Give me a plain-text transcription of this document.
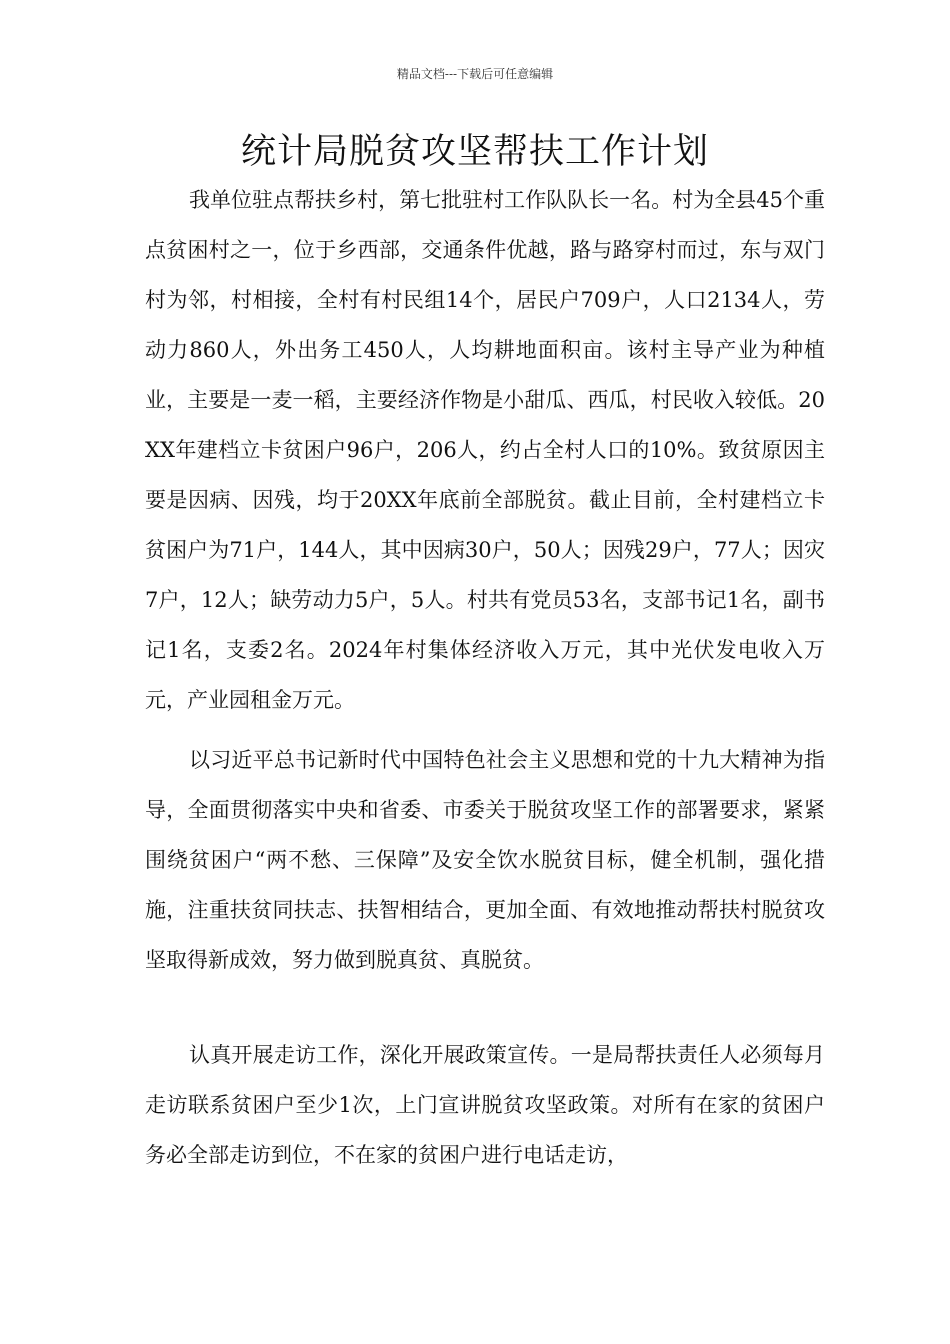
精品文档---下载后可任意编辑
统计局脱贫攻坚帮扶工作计划

我单位驻点帮扶乡村，第七批驻村工作队队长一名。村为全县45个重点贫困村之一，位于乡西部，交通条件优越，路与路穿村而过，东与双门村为邻，村相接，全村有村民组14个，居民户709户，人口2134人，劳动力860人，外出务工450人，人均耕地面积亩。该村主导产业为种植业，主要是一麦一稻，主要经济作物是小甜瓜、西瓜，村民收入较低。20XX年建档立卡贫困户96户，206人，约占全村人口的10%。致贫原因主要是因病、因残，均于20XX年底前全部脱贫。截止目前，全村建档立卡贫困户为71户，144人，其中因病30户，50人；因残29户，77人；因灾7户，12人；缺劳动力5户，5人。村共有党员53名，支部书记1名，副书记1名，支委2名。2024年村集体经济收入万元，其中光伏发电收入万元，产业园租金万元。

以习近平总书记新时代中国特色社会主义思想和党的十九大精神为指导，全面贯彻落实中央和省委、市委关于脱贫攻坚工作的部署要求，紧紧围绕贫困户“两不愁、三保障”及安全饮水脱贫目标，健全机制，强化措施，注重扶贫同扶志、扶智相结合，更加全面、有效地推动帮扶村脱贫攻坚取得新成效，努力做到脱真贫、真脱贫。

认真开展走访工作，深化开展政策宣传。一是局帮扶责任人必须每月走访联系贫困户至少1次，上门宣讲脱贫攻坚政策。对所有在家的贫困户务必全部走访到位，不在家的贫困户进行电话走访，
